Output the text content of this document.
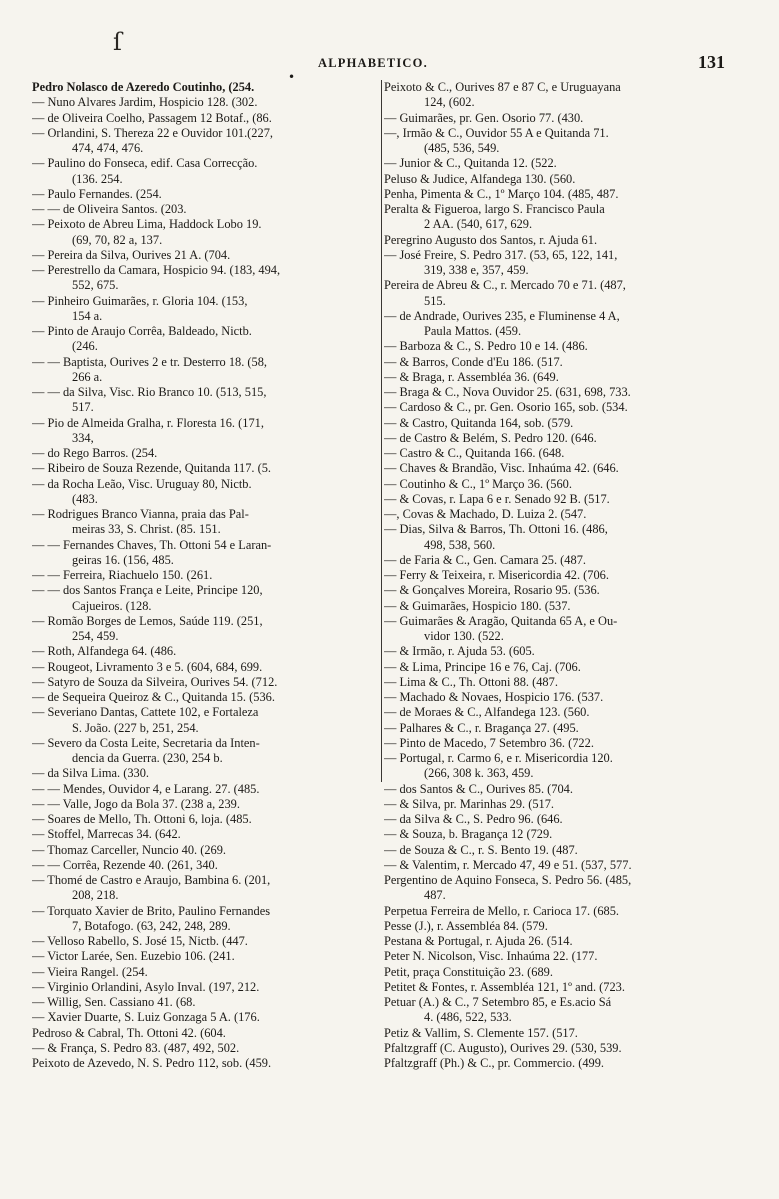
ſ
•
ALPHABETICO.	131
Pedro Nolasco de Azeredo Coutinho, (254.
— Nuno Alvares Jardim, Hospicio 128. (302.
— de Oliveira Coelho, Passagem 12 Botaf., (86.
— Orlandini, S. Thereza 22 e Ouvidor 101.(227,
474, 474, 476.
— Paulino do Fonseca, edif. Casa Correcção.
(136. 254.
— Paulo Fernandes. (254.
— — de Oliveira Santos. (203.
— Peixoto de Abreu Lima, Haddock Lobo 19.
(69, 70, 82 a, 137.
— Pereira da Silva, Ourives 21 A. (704.
— Perestrello da Camara, Hospicio 94. (183, 494,
552, 675.
— Pinheiro Guimarães, r. Gloria 104. (153,
154 a.
— Pinto de Araujo Corrêa, Baldeado, Nictb.
(246.
— — Baptista, Ourives 2 e tr. Desterro 18. (58,
266 a.
— — da Silva, Visc. Rio Branco 10. (513, 515,
517.
— Pio de Almeida Gralha, r. Floresta 16. (171,
334,
— do Rego Barros. (254.
— Ribeiro de Souza Rezende, Quitanda 117. (5.
— da Rocha Leão, Visc. Uruguay 80, Nictb.
(483.
— Rodrigues Branco Vianna, praia das Pal-
meiras 33, S. Christ. (85. 151.
— — Fernandes Chaves, Th. Ottoni 54 e Laran-
geiras 16. (156, 485.
— — Ferreira, Riachuelo 150. (261.
— — dos Santos França e Leite, Principe 120,
Cajueiros. (128.
— Romão Borges de Lemos, Saúde 119. (251,
254, 459.
— Roth, Alfandega 64. (486.
— Rougeot, Livramento 3 e 5. (604, 684, 699.
— Satyro de Souza da Silveira, Ourives 54. (712.
— de Sequeira Queiroz & C., Quitanda 15. (536.
— Severiano Dantas, Cattete 102, e Fortaleza
S. João. (227 b, 251, 254.
— Severo da Costa Leite, Secretaria da Inten-
dencia da Guerra. (230, 254 b.
— da Silva Lima. (330.
— — Mendes, Ouvidor 4, e Larang. 27. (485.
— — Valle, Jogo da Bola 37. (238 a, 239.
— Soares de Mello, Th. Ottoni 6, loja. (485.
— Stoffel, Marrecas 34. (642.
— Thomaz Carceller, Nuncio 40. (269.
— — Corrêa, Rezende 40. (261, 340.
— Thomé de Castro e Araujo, Bambina 6. (201,
208, 218.
— Torquato Xavier de Brito, Paulino Fernandes
7, Botafogo. (63, 242, 248, 289.
— Velloso Rabello, S. José 15, Nictb. (447.
— Victor Larée, Sen. Euzebio 106. (241.
— Vieira Rangel. (254.
— Virginio Orlandini, Asylo Inval. (197, 212.
— Willig, Sen. Cassiano 41. (68.
— Xavier Duarte, S. Luiz Gonzaga 5 A. (176.
Pedroso & Cabral, Th. Ottoni 42. (604.
— & França, S. Pedro 83. (487, 492, 502.
Peixoto de Azevedo, N. S. Pedro 112, sob. (459.
Peixoto & C., Ourives 87 e 87 C, e Uruguayana
124, (602.
— Guimarães, pr. Gen. Osorio 77. (430.
—, Irmão & C., Ouvidor 55 A e Quitanda 71.
(485, 536, 549.
— Junior & C., Quitanda 12. (522.
Peluso & Judice, Alfandega 130. (560.
Penha, Pimenta & C., 1º Março 104. (485, 487.
Peralta & Figueroa, largo S. Francisco Paula
2 AA. (540, 617, 629.
Peregrino Augusto dos Santos, r. Ajuda 61.
— José Freire, S. Pedro 317. (53, 65, 122, 141,
319, 338 e, 357, 459.
Pereira de Abreu & C., r. Mercado 70 e 71. (487,
515.
— de Andrade, Ourives 235, e Fluminense 4 A,
Paula Mattos. (459.
— Barboza & C., S. Pedro 10 e 14. (486.
— & Barros, Conde d'Eu 186. (517.
— & Braga, r. Assembléa 36. (649.
— Braga & C., Nova Ouvidor 25. (631, 698, 733.
— Cardoso & C., pr. Gen. Osorio 165, sob. (534.
— & Castro, Quitanda 164, sob. (579.
— de Castro & Belém, S. Pedro 120. (646.
— Castro & C., Quitanda 166. (648.
— Chaves & Brandão, Visc. Inhaúma 42. (646.
— Coutinho & C., 1º Março 36. (560.
— & Covas, r. Lapa 6 e r. Senado 92 B. (517.
—, Covas & Machado, D. Luiza 2. (547.
— Dias, Silva & Barros, Th. Ottoni 16. (486,
498, 538, 560.
— de Faria & C., Gen. Camara 25. (487.
— Ferry & Teixeira, r. Misericordia 42. (706.
— & Gonçalves Moreira, Rosario 95. (536.
— & Guimarães, Hospicio 180. (537.
— Guimarães & Aragão, Quitanda 65 A, e Ou-
vidor 130. (522.
— & Irmão, r. Ajuda 53. (605.
— & Lima, Principe 16 e 76, Caj. (706.
— Lima & C., Th. Ottoni 88. (487.
— Machado & Novaes, Hospicio 176. (537.
— de Moraes & C., Alfandega 123. (560.
— Palhares & C., r. Bragança 27. (495.
— Pinto de Macedo, 7 Setembro 36. (722.
— Portugal, r. Carmo 6, e r. Misericordia 120.
(266, 308 k. 363, 459.
— dos Santos & C., Ourives 85. (704.
— & Silva, pr. Marinhas 29. (517.
— da Silva & C., S. Pedro 96. (646.
— & Souza, b. Bragança 12 (729.
— de Souza & C., r. S. Bento 19. (487.
— & Valentim, r. Mercado 47, 49 e 51. (537, 577.
Pergentino de Aquino Fonseca, S. Pedro 56. (485,
487.
Perpetua Ferreira de Mello, r. Carioca 17. (685.
Pesse (J.), r. Assembléa 84. (579.
Pestana & Portugal, r. Ajuda 26. (514.
Peter N. Nicolson, Visc. Inhaúma 22. (177.
Petit, praça Constituição 23. (689.
Petitet & Fontes, r. Assembléa 121, 1º and. (723.
Petuar (A.) & C., 7 Setembro 85, e Es.acio Sá
4. (486, 522, 533.
Petiz & Vallim, S. Clemente 157. (517.
Pfaltzgraff (C. Augusto), Ourives 29. (530, 539.
Pfaltzgraff (Ph.) & C., pr. Commercio. (499.
